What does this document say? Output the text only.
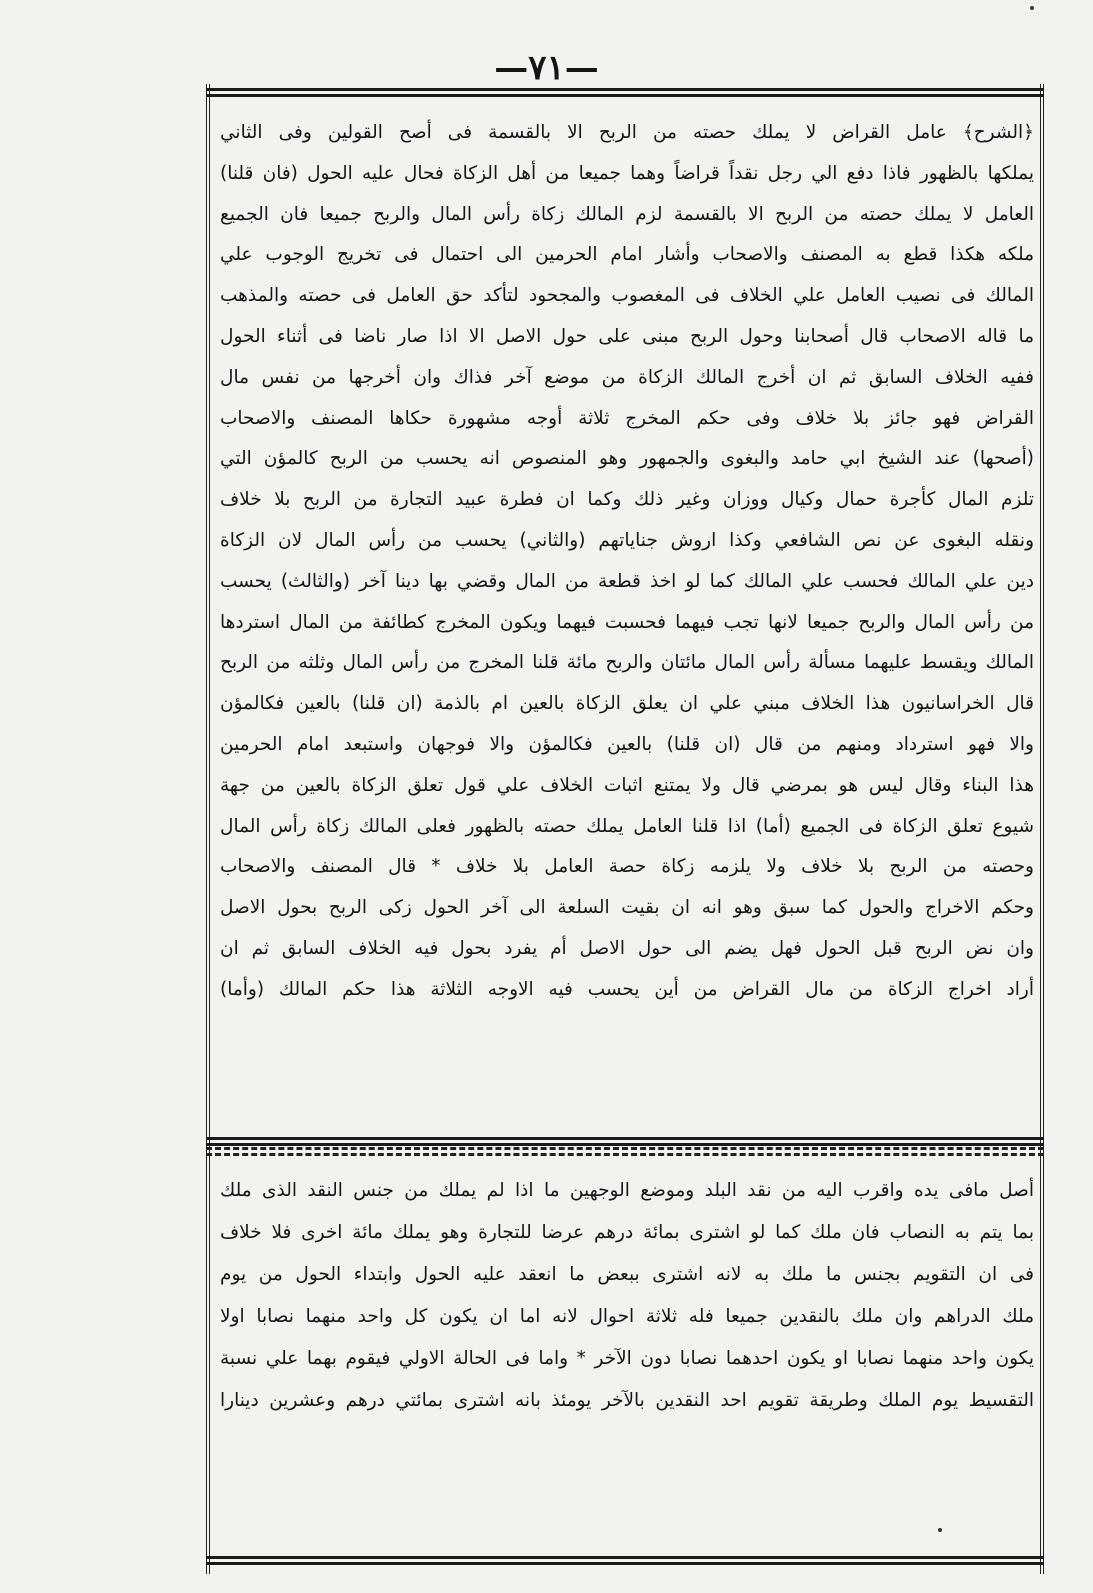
—٧١—
﴿الشرح﴾ عامل القراض لا يملك حصته من الربح الا بالقسمة فى أصح القولين وفى الثاني
يملكها بالظهور فاذا دفع الي رجل نقداً قراضاً وهما جميعا من أهل الزكاة فحال عليه الحول (فان قلنا)
العامل لا يملك حصته من الربح الا بالقسمة لزم المالك زكاة رأس المال والربح جميعا فان الجميع
ملكه هكذا قطع به المصنف والاصحاب وأشار امام الحرمين الى احتمال فى تخريج الوجوب علي
المالك فى نصيب العامل علي الخلاف فى المغصوب والمجحود لتأكد حق العامل فى حصته والمذهب
ما قاله الاصحاب قال أصحابنا وحول الربح مبنى على حول الاصل الا اذا صار ناضا فى أثناء الحول
ففيه الخلاف السابق ثم ان أخرج المالك الزكاة من موضع آخر فذاك وان أخرجها من نفس مال
القراض فهو جائز بلا خلاف وفى حكم المخرج ثلاثة أوجه مشهورة حكاها المصنف والاصحاب
(أصحها) عند الشيخ ابي حامد والبغوى والجمهور وهو المنصوص انه يحسب من الربح كالمؤن التي
تلزم المال كأجرة حمال وكيال ووزان وغير ذلك وكما ان فطرة عبيد التجارة من الربح بلا خلاف
ونقله البغوى عن نص الشافعي وكذا اروش جناياتهم (والثاني) يحسب من رأس المال لان الزكاة
دين علي المالك فحسب علي المالك كما لو اخذ قطعة من المال وقضي بها دينا آخر (والثالث) يحسب
من رأس المال والربح جميعا لانها تجب فيهما فحسبت فيهما ويكون المخرج كطائفة من المال استردها
المالك ويقسط عليهما مسألة رأس المال مائتان والربح مائة قلنا المخرج من رأس المال وثلثه من الربح
قال الخراسانيون هذا الخلاف مبني علي ان يعلق الزكاة بالعين ام بالذمة (ان قلنا) بالعين فكالمؤن
والا فهو استرداد ومنهم من قال (ان قلنا) بالعين فكالمؤن والا فوجهان واستبعد امام الحرمين
هذا البناء وقال ليس هو بمرضي قال ولا يمتنع اثبات الخلاف علي قول تعلق الزكاة بالعين من جهة
شيوع تعلق الزكاة فى الجميع (أما) اذا قلنا العامل يملك حصته بالظهور فعلى المالك زكاة رأس المال
وحصته من الربح بلا خلاف ولا يلزمه زكاة حصة العامل بلا خلاف * قال المصنف والاصحاب
وحكم الاخراج والحول كما سبق وهو انه ان بقيت السلعة الى آخر الحول زكى الربح بحول الاصل
وان نض الربح قبل الحول فهل يضم الى حول الاصل أم يفرد بحول فيه الخلاف السابق ثم ان
أراد اخراج الزكاة من مال القراض من أين يحسب فيه الاوجه الثلاثة هذا حكم المالك (وأما)
أصل مافى يده واقرب اليه من نقد البلد وموضع الوجهين ما اذا لم يملك من جنس النقد الذى ملك
بما يتم به النصاب فان ملك كما لو اشترى بمائة درهم عرضا للتجارة وهو يملك مائة اخرى فلا خلاف
فى ان التقويم بجنس ما ملك به لانه اشترى ببعض ما انعقد عليه الحول وابتداء الحول من يوم
ملك الدراهم وان ملك بالنقدين جميعا فله ثلاثة احوال لانه اما ان يكون كل واحد منهما نصابا اولا
يكون واحد منهما نصابا او يكون احدهما نصابا دون الآخر * واما فى الحالة الاولي فيقوم بهما علي نسبة
التقسيط يوم الملك وطريقة تقويم احد النقدين بالآخر يومئذ بانه اشترى بمائتي درهم وعشرين دينارا
